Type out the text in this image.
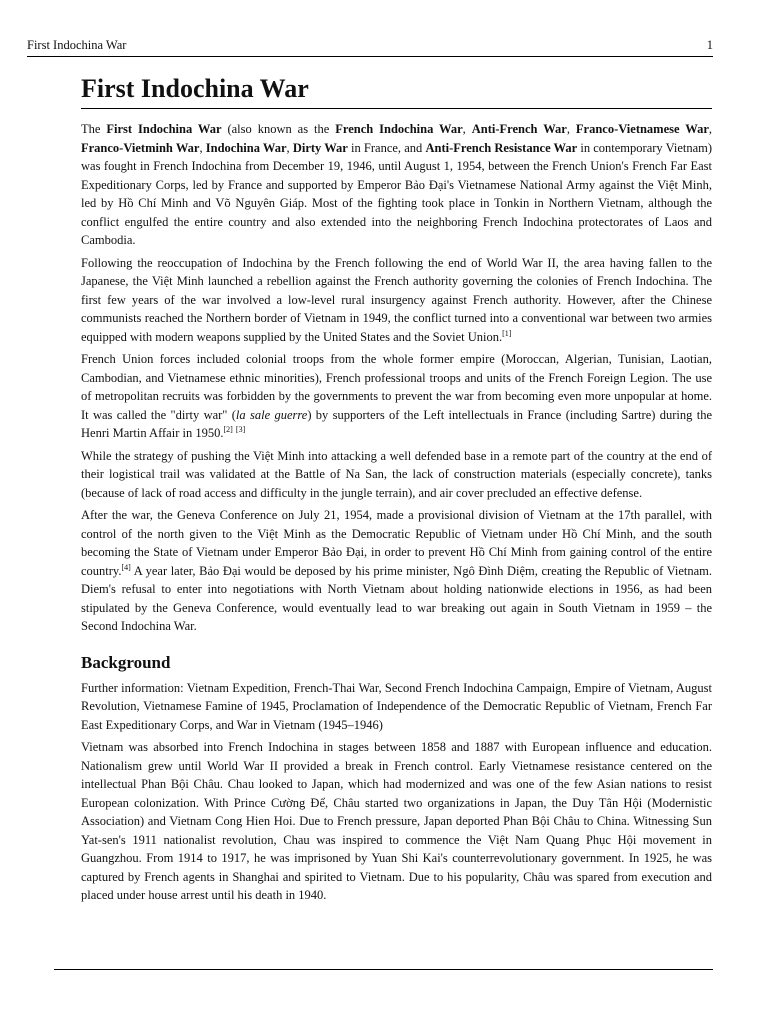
First Indochina War	1
First Indochina War

The First Indochina War (also known as the French Indochina War, Anti-French War, Franco-Vietnamese War, Franco-Vietminh War, Indochina War, Dirty War in France, and Anti-French Resistance War in contemporary Vietnam) was fought in French Indochina from December 19, 1946, until August 1, 1954, between the French Union's French Far East Expeditionary Corps, led by France and supported by Emperor Bảo Đại's Vietnamese National Army against the Việt Minh, led by Hồ Chí Minh and Võ Nguyên Giáp. Most of the fighting took place in Tonkin in Northern Vietnam, although the conflict engulfed the entire country and also extended into the neighboring French Indochina protectorates of Laos and Cambodia.

Following the reoccupation of Indochina by the French following the end of World War II, the area having fallen to the Japanese, the Việt Minh launched a rebellion against the French authority governing the colonies of French Indochina. The first few years of the war involved a low-level rural insurgency against French authority. However, after the Chinese communists reached the Northern border of Vietnam in 1949, the conflict turned into a conventional war between two armies equipped with modern weapons supplied by the United States and the Soviet Union.[1]

French Union forces included colonial troops from the whole former empire (Moroccan, Algerian, Tunisian, Laotian, Cambodian, and Vietnamese ethnic minorities), French professional troops and units of the French Foreign Legion. The use of metropolitan recruits was forbidden by the governments to prevent the war from becoming even more unpopular at home. It was called the "dirty war" (la sale guerre) by supporters of the Left intellectuals in France (including Sartre) during the Henri Martin Affair in 1950.[2] [3]

While the strategy of pushing the Việt Minh into attacking a well defended base in a remote part of the country at the end of their logistical trail was validated at the Battle of Na San, the lack of construction materials (especially concrete), tanks (because of lack of road access and difficulty in the jungle terrain), and air cover precluded an effective defense.

After the war, the Geneva Conference on July 21, 1954, made a provisional division of Vietnam at the 17th parallel, with control of the north given to the Việt Minh as the Democratic Republic of Vietnam under Hồ Chí Minh, and the south becoming the State of Vietnam under Emperor Bảo Đại, in order to prevent Hồ Chí Minh from gaining control of the entire country.[4] A year later, Bảo Đại would be deposed by his prime minister, Ngô Đình Diệm, creating the Republic of Vietnam. Diem's refusal to enter into negotiations with North Vietnam about holding nationwide elections in 1956, as had been stipulated by the Geneva Conference, would eventually lead to war breaking out again in South Vietnam in 1959 – the Second Indochina War.

Background

Further information: Vietnam Expedition, French-Thai War, Second French Indochina Campaign, Empire of Vietnam, August Revolution, Vietnamese Famine of 1945, Proclamation of Independence of the Democratic Republic of Vietnam, French Far East Expeditionary Corps, and War in Vietnam (1945–1946)

Vietnam was absorbed into French Indochina in stages between 1858 and 1887 with European influence and education. Nationalism grew until World War II provided a break in French control. Early Vietnamese resistance centered on the intellectual Phan Bội Châu. Chau looked to Japan, which had modernized and was one of the few Asian nations to resist European colonization. With Prince Cường Để, Châu started two organizations in Japan, the Duy Tân Hội (Modernistic Association) and Vietnam Cong Hien Hoi. Due to French pressure, Japan deported Phan Bội Châu to China. Witnessing Sun Yat-sen's 1911 nationalist revolution, Chau was inspired to commence the Việt Nam Quang Phục Hội movement in Guangzhou. From 1914 to 1917, he was imprisoned by Yuan Shi Kai's counterrevolutionary government. In 1925, he was captured by French agents in Shanghai and spirited to Vietnam. Due to his popularity, Châu was spared from execution and placed under house arrest until his death in 1940.
